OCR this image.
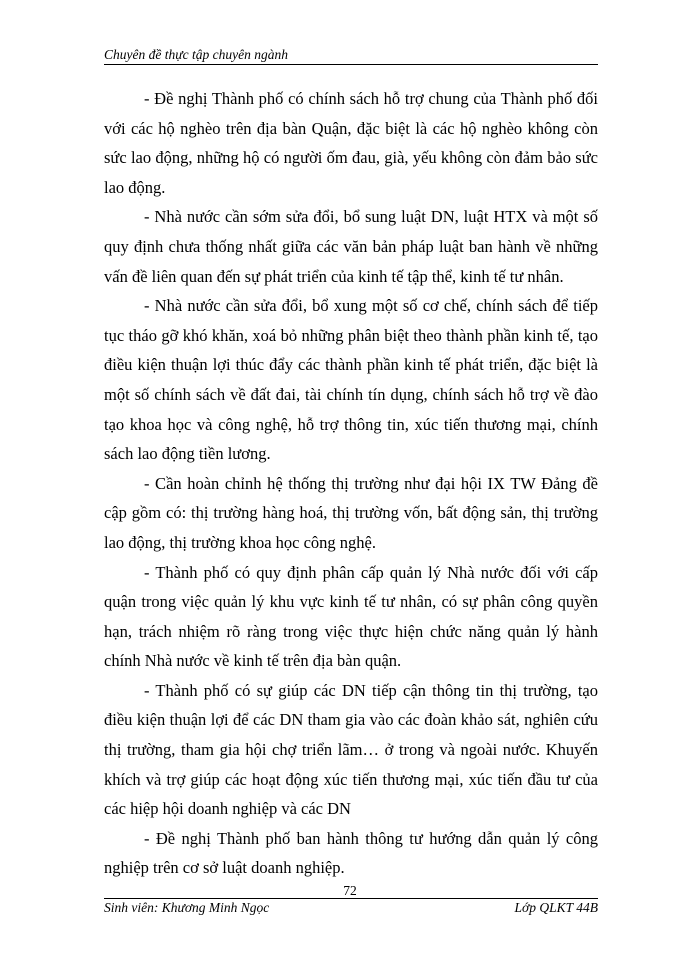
Chuyên đề thực tập chuyên ngành

- Đề nghị Thành phố có chính sách hỗ trợ chung của Thành phố đối với các hộ nghèo trên địa bàn Quận, đặc biệt là các hộ nghèo không còn sức lao động, những hộ có người ốm đau, già, yếu không còn đảm bảo sức lao động.

- Nhà nước cần sớm sửa đổi, bổ sung luật DN, luật HTX và một số quy định chưa thống nhất giữa các văn bản pháp luật ban hành về những vấn đề liên quan đến sự phát triển của kinh tế tập thể, kinh tế tư nhân.

- Nhà nước cần sửa đổi, bổ xung một số cơ chế, chính sách để tiếp tục tháo gỡ khó khăn, xoá bỏ những phân biệt theo thành phần kinh tế, tạo điều kiện thuận lợi thúc đẩy các thành phần kinh tế phát triển, đặc biệt là một số chính sách về đất đai, tài chính tín dụng, chính sách hỗ trợ về đào tạo khoa học và công nghệ, hỗ trợ thông tin, xúc tiến thương mại, chính sách lao động tiền lương.

- Cần hoàn chỉnh hệ thống thị trường như đại hội IX TW Đảng đề cập gồm có: thị trường hàng hoá, thị trường vốn, bất động sản, thị trường lao động, thị trường khoa học công nghệ.

- Thành phố có quy định phân cấp quản lý Nhà nước đối với cấp quận trong việc quản lý khu vực kinh tế tư nhân, có sự phân công quyền hạn, trách nhiệm rõ ràng trong việc thực hiện chức năng quản lý hành chính Nhà nước về kinh tế trên địa bàn quận.

- Thành phố có sự giúp các DN tiếp cận thông tin thị trường, tạo điều kiện thuận lợi để các DN tham gia vào các đoàn khảo sát, nghiên cứu thị trường, tham gia hội chợ triển lãm… ở trong và ngoài nước. Khuyến khích và trợ giúp các hoạt động xúc tiến thương mại, xúc tiến đầu tư của các hiệp hội doanh nghiệp và các DN

- Đề nghị Thành phố ban hành thông tư hướng dẫn quản lý công nghiệp trên cơ sở luật doanh nghiệp.

72
Sinh viên: Khương Minh Ngọc	Lớp QLKT 44B
